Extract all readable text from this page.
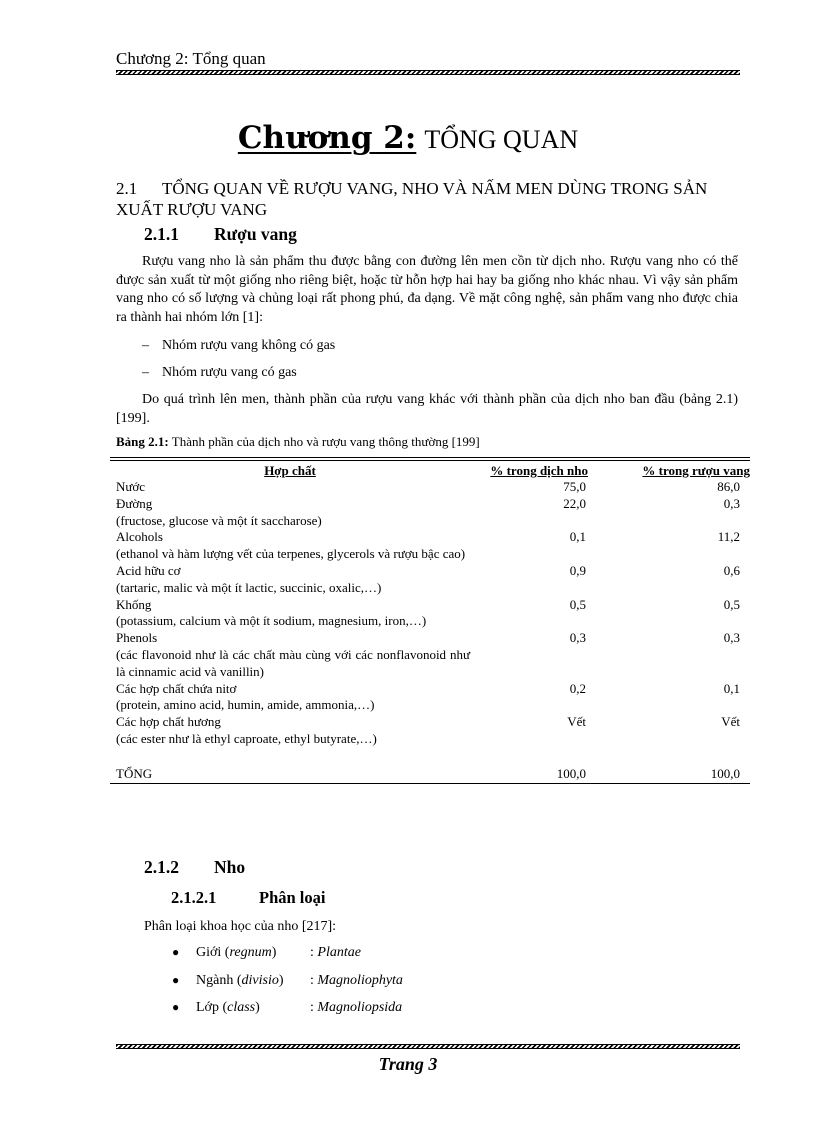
Chương 2: Tổng quan
Chương 2: TỔNG QUAN
2.1 TỔNG QUAN VỀ RƯỢU VANG, NHO VÀ NẤM MEN DÙNG TRONG SẢN XUẤT RƯỢU VANG
2.1.1 Rượu vang
Rượu vang nho là sản phẩm thu được bằng con đường lên men cồn từ dịch nho. Rượu vang nho có thể được sản xuất từ một giống nho riêng biệt, hoặc từ hỗn hợp hai hay ba giống nho khác nhau. Vì vậy sản phẩm vang nho có số lượng và chủng loại rất phong phú, đa dạng. Về mặt công nghệ, sản phẩm vang nho được chia ra thành hai nhóm lớn [1]:
– Nhóm rượu vang không có gas
– Nhóm rượu vang có gas
Do quá trình lên men, thành phần của rượu vang khác với thành phần của dịch nho ban đầu (bảng 2.1) [199].
Bảng 2.1: Thành phần của dịch nho và rượu vang thông thường [199]

Hợp chất	% trong dịch nho	% trong rượu vang
Nước	75,0	86,0
Đường
(fructose, glucose và một ít saccharose)	22,0	0,3
Alcohols
(ethanol và hàm lượng vết của terpenes, glycerols và rượu bậc cao)	0,1	11,2
Acid hữu cơ
(tartaric, malic và một ít lactic, succinic, oxalic,…)	0,9	0,6
Khống
(potassium, calcium và một ít sodium, magnesium, iron,…)	0,5	0,5
Phenols
(các flavonoid như là các chất màu cùng với các nonflavonoid như là cinnamic acid và vanillin)	0,3	0,3
Các hợp chất chứa nitơ
(protein, amino acid, humin, amide, ammonia,…)	0,2	0,1
Các hợp chất hương
(các ester như là ethyl caproate, ethyl butyrate,…)	Vết	Vết
TỔNG	100,0	100,0
2.1.2 Nho
2.1.2.1	Phân loại
Phân loại khoa học của nho [217]:
● Giới (regnum) : Plantae
● Ngành (divisio) : Magnoliophyta
● Lớp (class)	: Magnoliopsida
Trang 3
